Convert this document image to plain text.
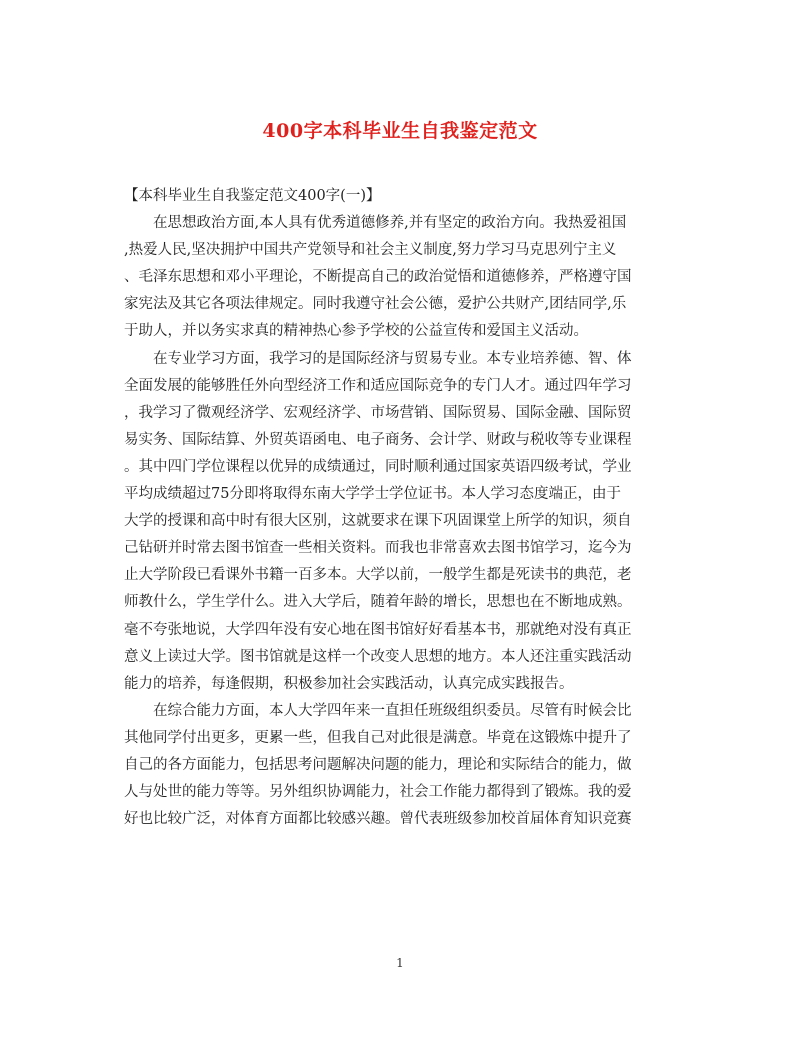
400字本科毕业生自我鉴定范文
【本科毕业生自我鉴定范文400字(一)】
　　在思想政治方面,本人具有优秀道德修养,并有坚定的政治方向。我热爱祖国
,热爱人民,坚决拥护中国共产党领导和社会主义制度,努力学习马克思列宁主义
、毛泽东思想和邓小平理论，不断提高自己的政治觉悟和道德修养，严格遵守国
家宪法及其它各项法律规定。同时我遵守社会公德，爱护公共财产,团结同学,乐
于助人，并以务实求真的精神热心参予学校的公益宣传和爱国主义活动。
　　在专业学习方面，我学习的是国际经济与贸易专业。本专业培养德、智、体
全面发展的能够胜任外向型经济工作和适应国际竞争的专门人才。通过四年学习
，我学习了微观经济学、宏观经济学、市场营销、国际贸易、国际金融、国际贸
易实务、国际结算、外贸英语函电、电子商务、会计学、财政与税收等专业课程
。其中四门学位课程以优异的成绩通过，同时顺利通过国家英语四级考试，学业
平均成绩超过75分即将取得东南大学学士学位证书。本人学习态度端正，由于
大学的授课和高中时有很大区别，这就要求在课下巩固课堂上所学的知识，须自
己钻研并时常去图书馆查一些相关资料。而我也非常喜欢去图书馆学习，迄今为
止大学阶段已看课外书籍一百多本。大学以前，一般学生都是死读书的典范，老
师教什么，学生学什么。进入大学后，随着年龄的增长，思想也在不断地成熟。
毫不夸张地说，大学四年没有安心地在图书馆好好看基本书，那就绝对没有真正
意义上读过大学。图书馆就是这样一个改变人思想的地方。本人还注重实践活动
能力的培养，每逢假期，积极参加社会实践活动，认真完成实践报告。
　　在综合能力方面，本人大学四年来一直担任班级组织委员。尽管有时候会比
其他同学付出更多，更累一些，但我自己对此很是满意。毕竟在这锻炼中提升了
自己的各方面能力，包括思考问题解决问题的能力，理论和实际结合的能力，做
人与处世的能力等等。另外组织协调能力，社会工作能力都得到了锻炼。我的爱
好也比较广泛，对体育方面都比较感兴趣。曾代表班级参加校首届体育知识竞赛
1
